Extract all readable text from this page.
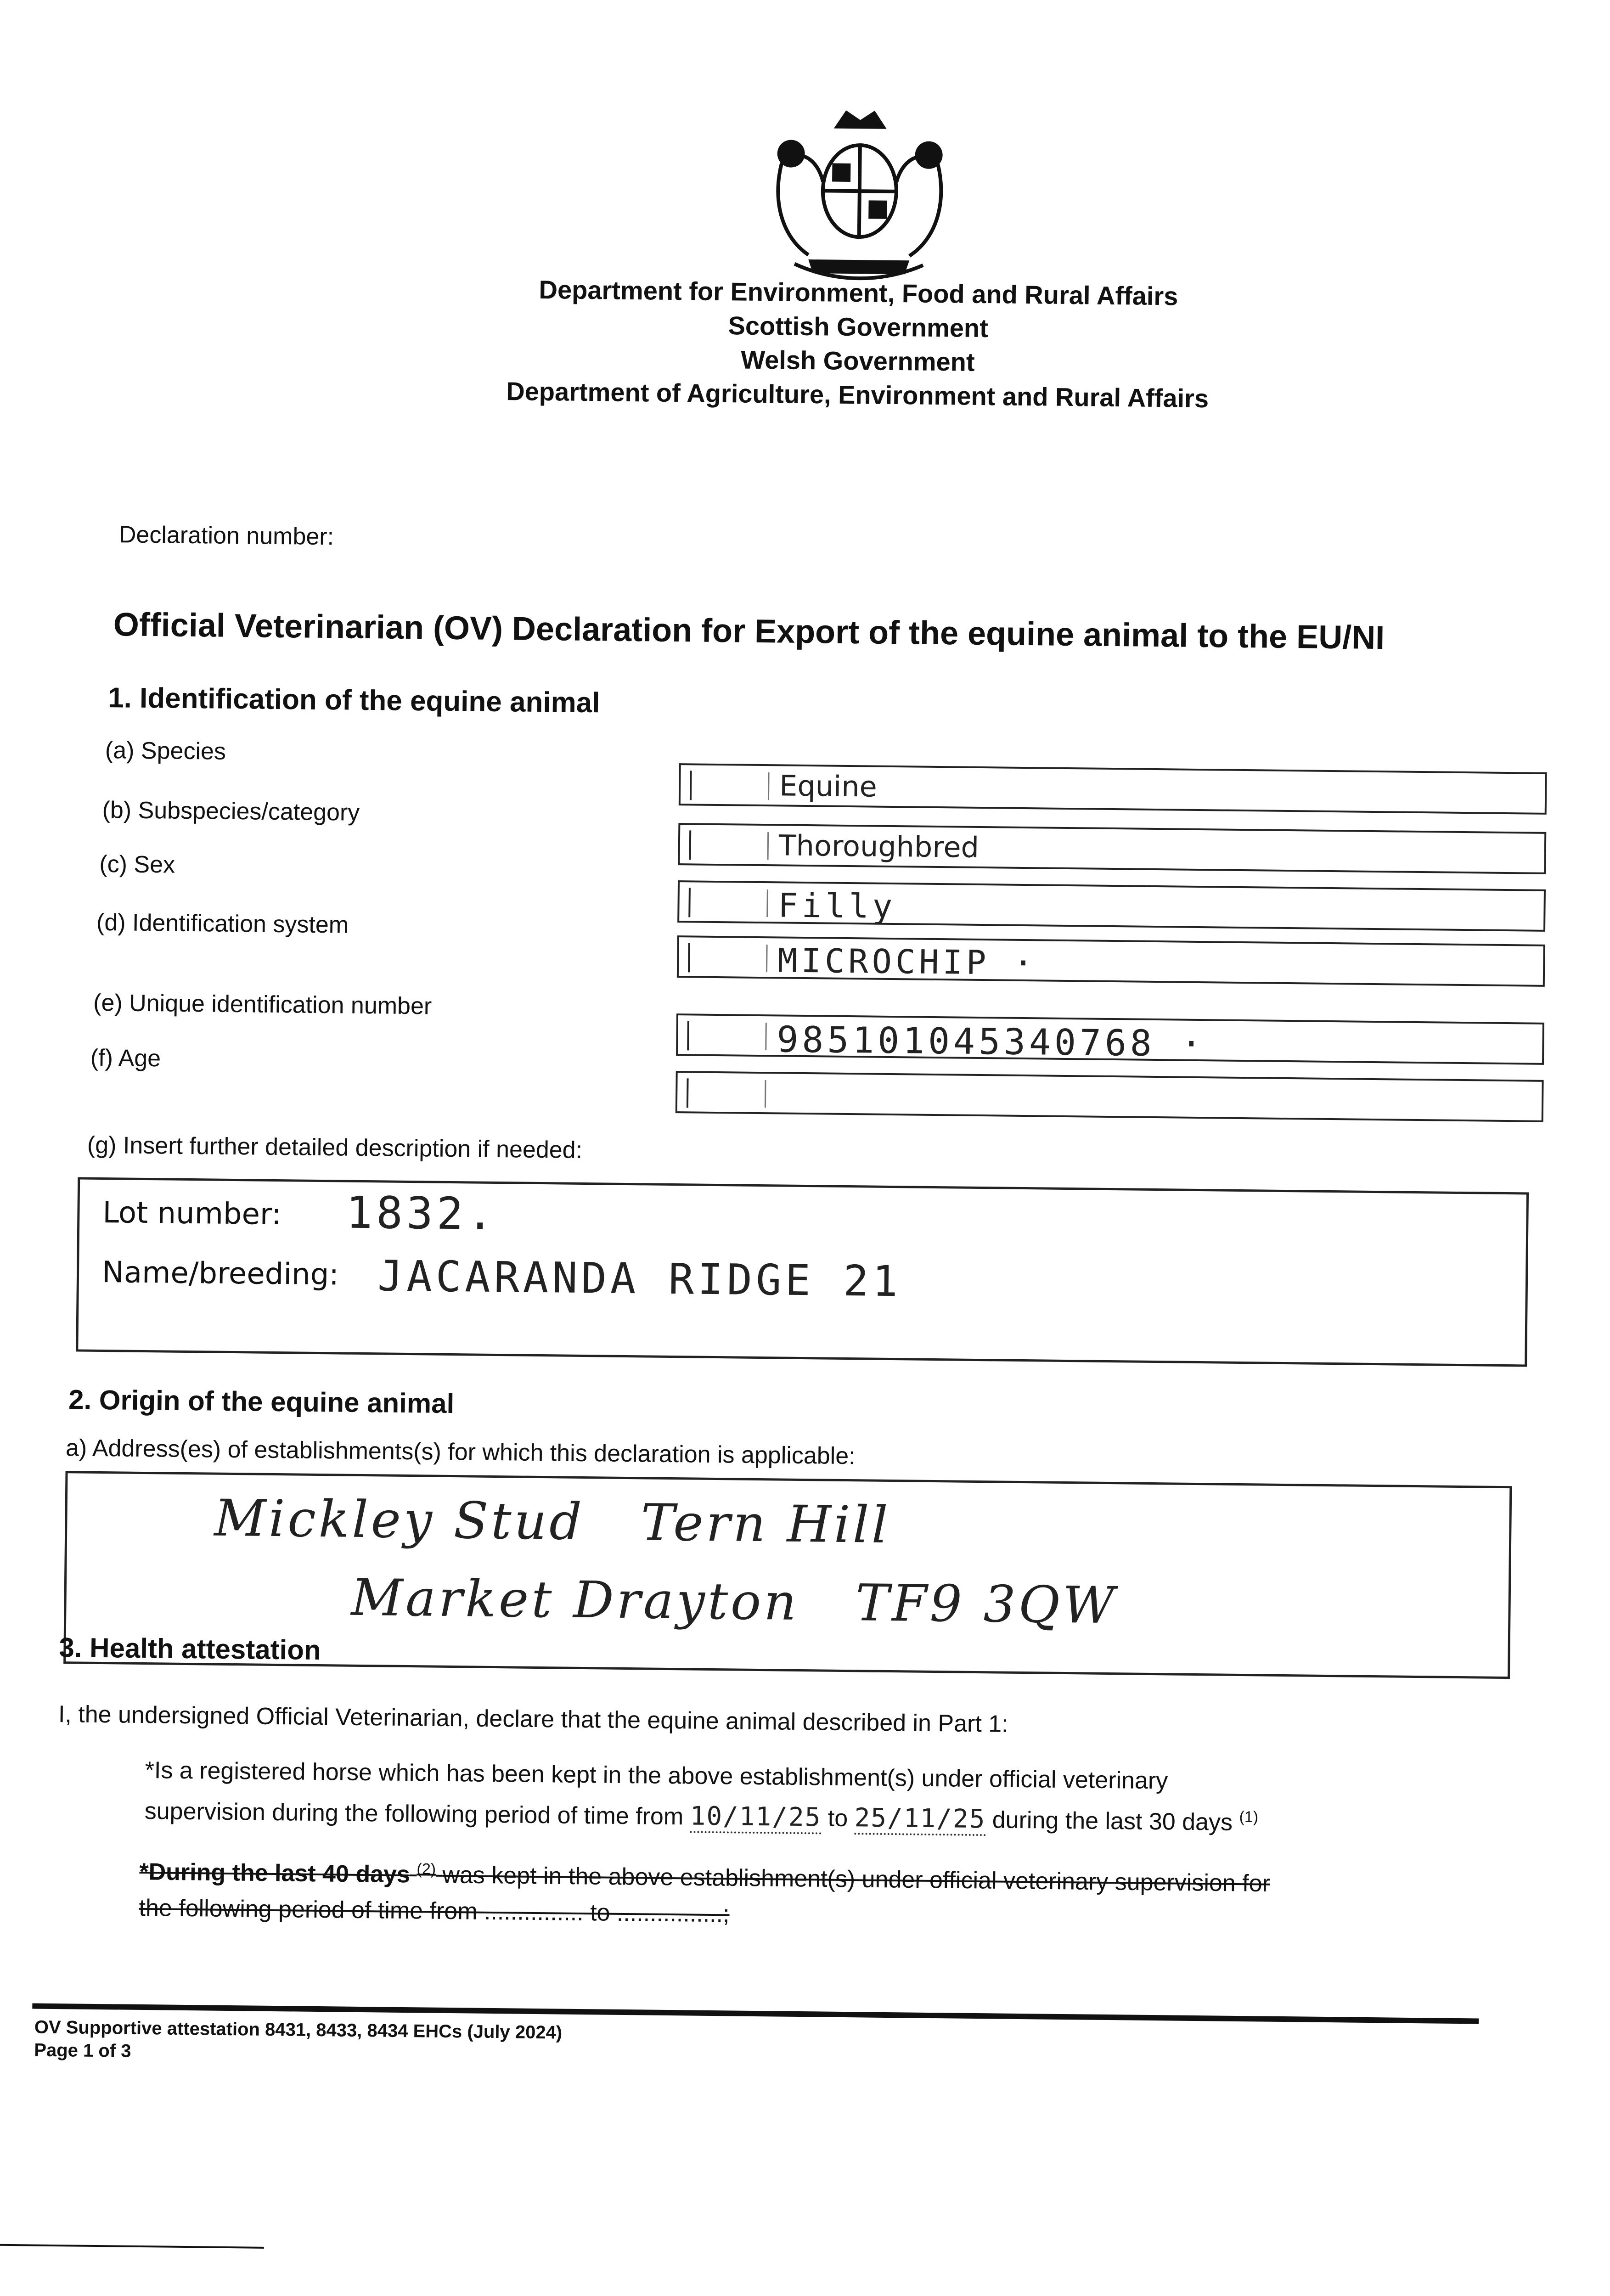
Department for Environment, Food and Rural Affairs
Scottish Government
Welsh Government
Department of Agriculture, Environment and Rural Affairs
Declaration number:
Official Veterinarian (OV) Declaration for Export of the equine animal to the EU/NI
1. Identification of the equine animal
(a) Species
(b) Subspecies/category
(c) Sex
(d) Identification system
(e) Unique identification number
(f) Age
Equine
Thoroughbred
Filly
MICROCHIP ·
985101045340768 ·
(g) Insert further detailed description if needed:
Lot number: 1832.
Name/breeding: JACARANDA RIDGE 21
2. Origin of the equine animal
a) Address(es) of establishments(s) for which this declaration is applicable:
Mickley Stud   Tern Hill
Market Drayton   TF9 3QW
3. Health attestation
I, the undersigned Official Veterinarian, declare that the equine animal described in Part 1:
*Is a registered horse which has been kept in the above establishment(s) under official veterinary
supervision during the following period of time from 10/11/25 to 25/11/25 during the last 30 days $^{(1)}$
*During the last 40 days $^{(2)}$ was kept in the above establishment(s) under official veterinary supervision for
the following period of time from ............... to ................;
OV Supportive attestation 8431, 8433, 8434 EHCs (July 2024)
Page 1 of 3
